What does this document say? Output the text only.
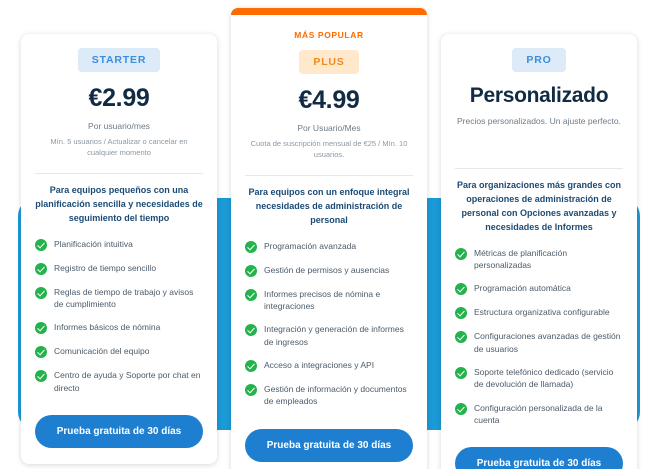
STARTER
€2.99
Por usuario/mes
Mín. 5 usuarios / Actualizar o cancelar en cualquier momento
Para equipos pequeños con una planificación sencilla y necesidades de seguimiento del tiempo
Planificación intuitiva
Registro de tiempo sencillo
Reglas de tiempo de trabajo y avisos de cumplimiento
Informes básicos de nómina
Comunicación del equipo
Centro de ayuda y Soporte por chat en directo
Prueba gratuita de 30 días
MÁS POPULAR
PLUS
€4.99
Por Usuario/Mes
Cuota de suscripción mensual de €25 / Mín. 10 usuarios.
Para equipos con un enfoque integral necesidades de administración de personal
Programación avanzada
Gestión de permisos y ausencias
Informes precisos de nómina e integraciones
Integración y generación de informes de ingresos
Acceso a integraciones y API
Gestión de información y documentos de empleados
Prueba gratuita de 30 días
PRO
Personalizado
Precios personalizados. Un ajuste perfecto.
Para organizaciones más grandes con operaciones de administración de personal con Opciones avanzadas y necesidades de Informes
Métricas de planificación personalizadas
Programación automática
Estructura organizativa configurable
Configuraciones avanzadas de gestión de usuarios
Soporte telefónico dedicado (servicio de devolución de llamada)
Configuración personalizada de la cuenta
Prueba gratuita de 30 días
